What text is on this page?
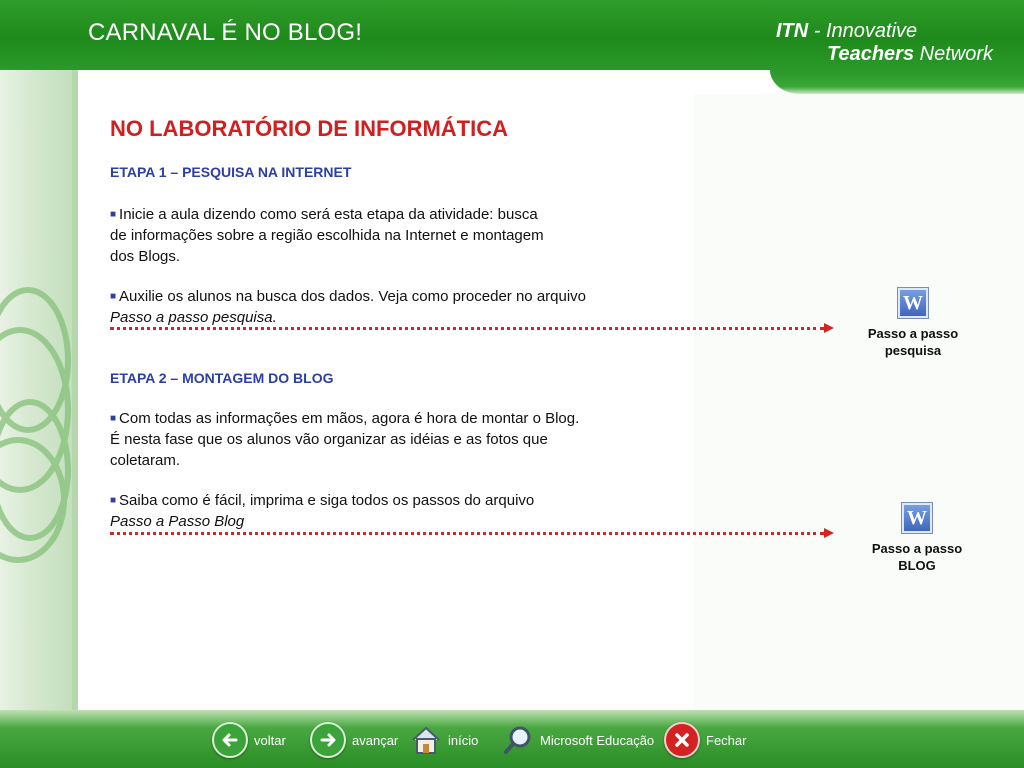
CARNAVAL É NO BLOG!	ITN - Innovative
Teachers Network
NO LABORATÓRIO DE INFORMÁTICA
ETAPA 1 – PESQUISA NA INTERNET
■ Inicie a aula dizendo como será esta etapa da atividade: busca
de informações sobre a região escolhida na Internet e montagem
dos Blogs.
■ Auxilie os alunos na busca dos dados. Veja como proceder no arquivo
Passo a passo pesquisa.
ETAPA 2 – MONTAGEM DO BLOG
■ Com todas as informações em mãos, agora é hora de montar o Blog.
É nesta fase que os alunos vão organizar as idéias e as fotos que
coletaram.
■ Saiba como é fácil, imprima e siga todos os passos do arquivo
Passo a Passo Blog
W
Passo a passo
pesquisa
W
Passo a passo
BLOG
voltar	avançar	início	Microsoft Educação	Fechar
